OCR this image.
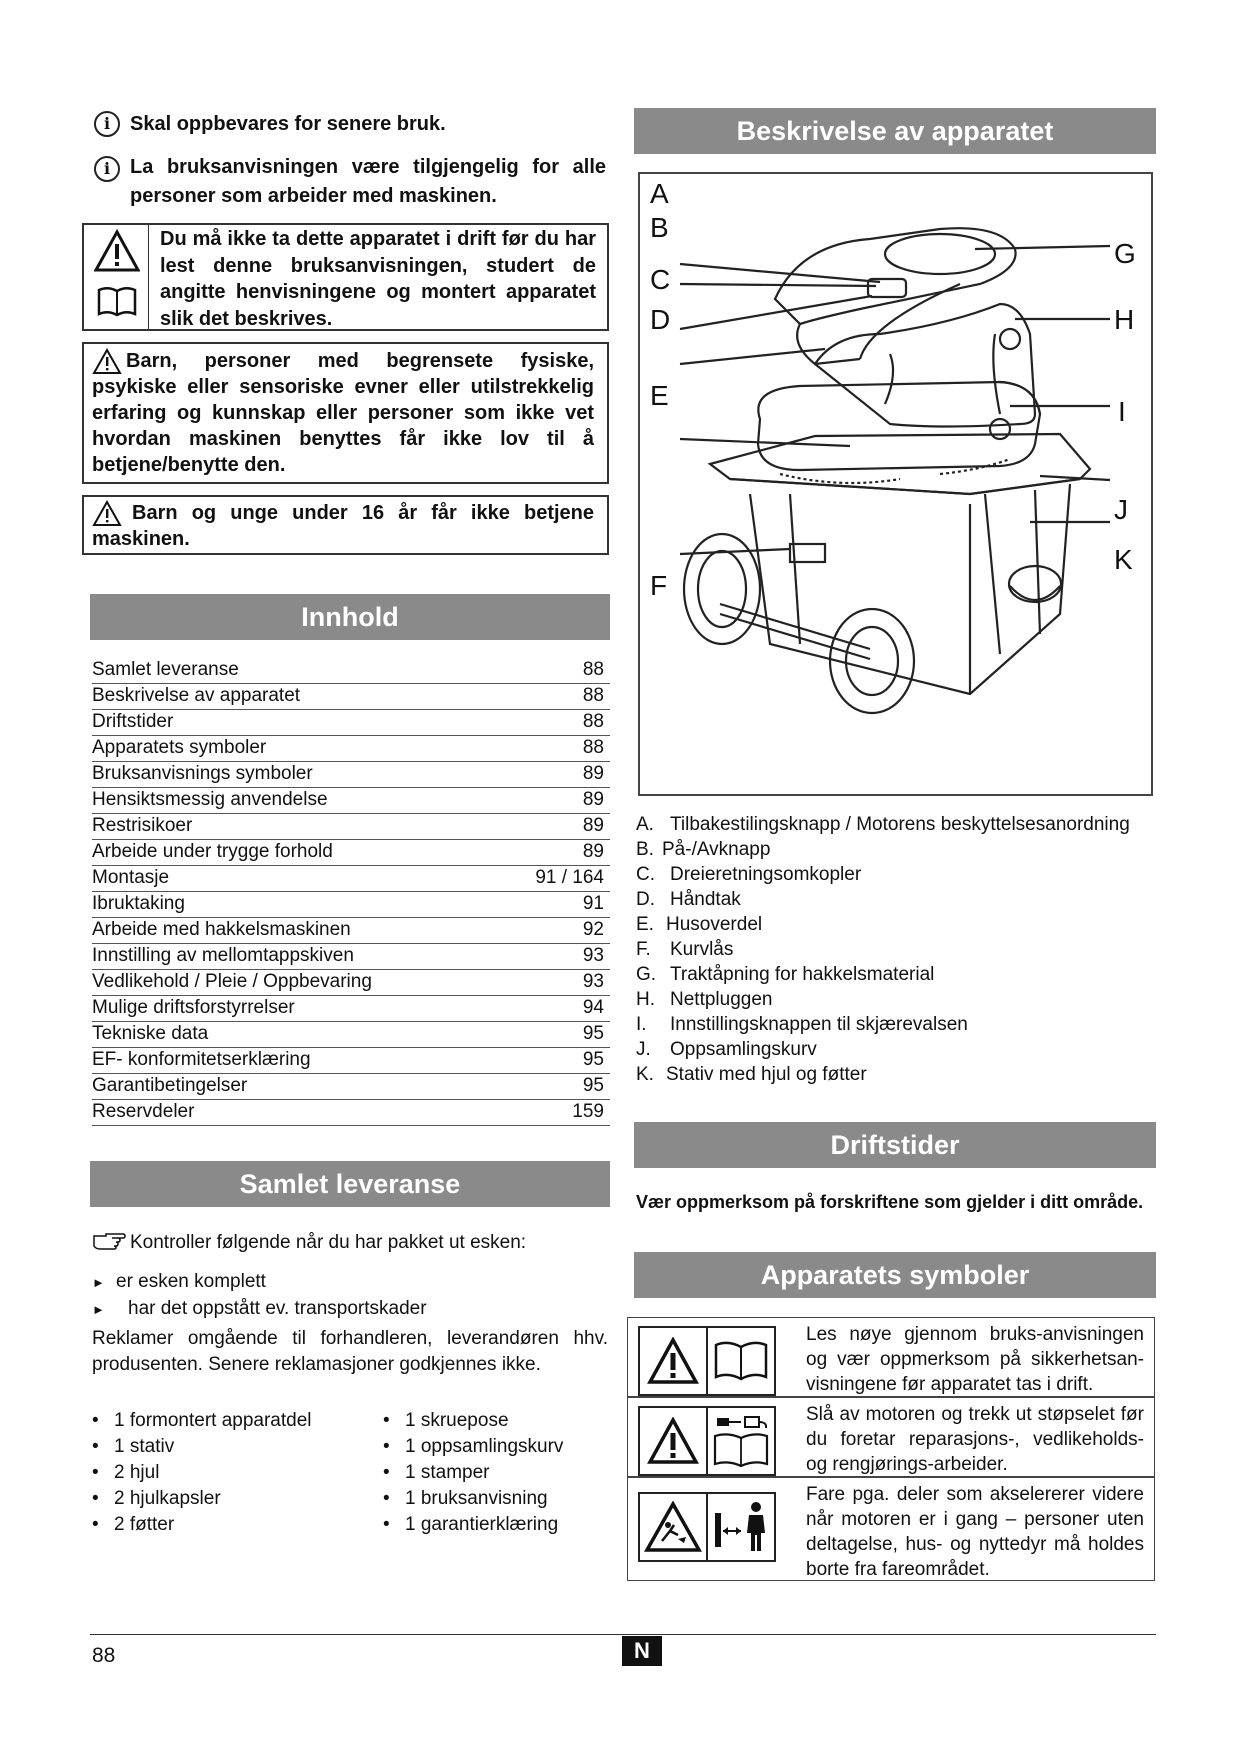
i Skal oppbevares for senere bruk.
i La bruksanvisningen være tilgjengelig for alle personer som arbeider med maskinen.
Du må ikke ta dette apparatet i drift før du har lest denne bruksanvisningen, studert de angitte henvisningene og montert apparatet slik det beskrives.
Barn, personer med begrensete fysiske, psykiske eller sensoriske evner eller utilstrekkelig erfaring og kunnskap eller personer som ikke vet hvordan maskinen benyttes får ikke lov til å betjene/benytte den.
Barn og unge under 16 år får ikke betjene maskinen.
Innhold
Samlet leveranse	88
Beskrivelse av apparatet	88
Driftstider	88
Apparatets symboler	88
Bruksanvisnings symboler	89
Hensiktsmessig anvendelse	89
Restrisikoer	89
Arbeide under trygge forhold	89
Montasje	91 / 164
Ibruktaking	91
Arbeide med hakkelsmaskinen	92
Innstilling av mellomtappskiven	93
Vedlikehold / Pleie / Oppbevaring	93
Mulige driftsforstyrrelser	94
Tekniske data	95
EF- konformitetserklæring	95
Garantibetingelser	95
Reservdeler	159
Samlet leveranse
Kontroller følgende når du har pakket ut esken:
► er esken komplett
► har det oppstått ev. transportskader
Reklamer omgående til forhandleren, leverandøren hhv. produsenten. Senere reklamasjoner godkjennes ikke.
• 1 formontert apparatdel
• 1 stativ
• 2 hjul
• 2 hjulkapsler
• 2 føtter
• 1 skruepose
• 1 oppsamlingskurv
• 1 stamper
• 1 bruksanvisning
• 1 garantierklæring
Beskrivelse av apparatet
A
B
C
D
E
F
G
H
I
J
K
A. Tilbakestilingsknapp / Motorens beskyttelsesanordning
B. På-/Avknapp
C. Dreieretningsomkopler
D. Håndtak
E. Husoverdel
F. Kurvlås
G. Traktåpning for hakkelsmaterial
H. Nettpluggen
I. Innstillingsknappen til skjærevalsen
J. Oppsamlingskurv
K. Stativ med hjul og føtter
Driftstider
Vær oppmerksom på forskriftene som gjelder i ditt område.
Apparatets symboler
Les nøye gjennom bruks-anvisningen og vær oppmerksom på sikkerhetsan-visningene før apparatet tas i drift.
Slå av motoren og trekk ut støpselet før du foretar reparasjons-, vedlikeholds- og rengjørings-arbeider.
Fare pga. deler som akselererer videre når motoren er i gang – personer uten deltagelse, hus- og nyttedyr må holdes borte fra fareområdet.
88	N
